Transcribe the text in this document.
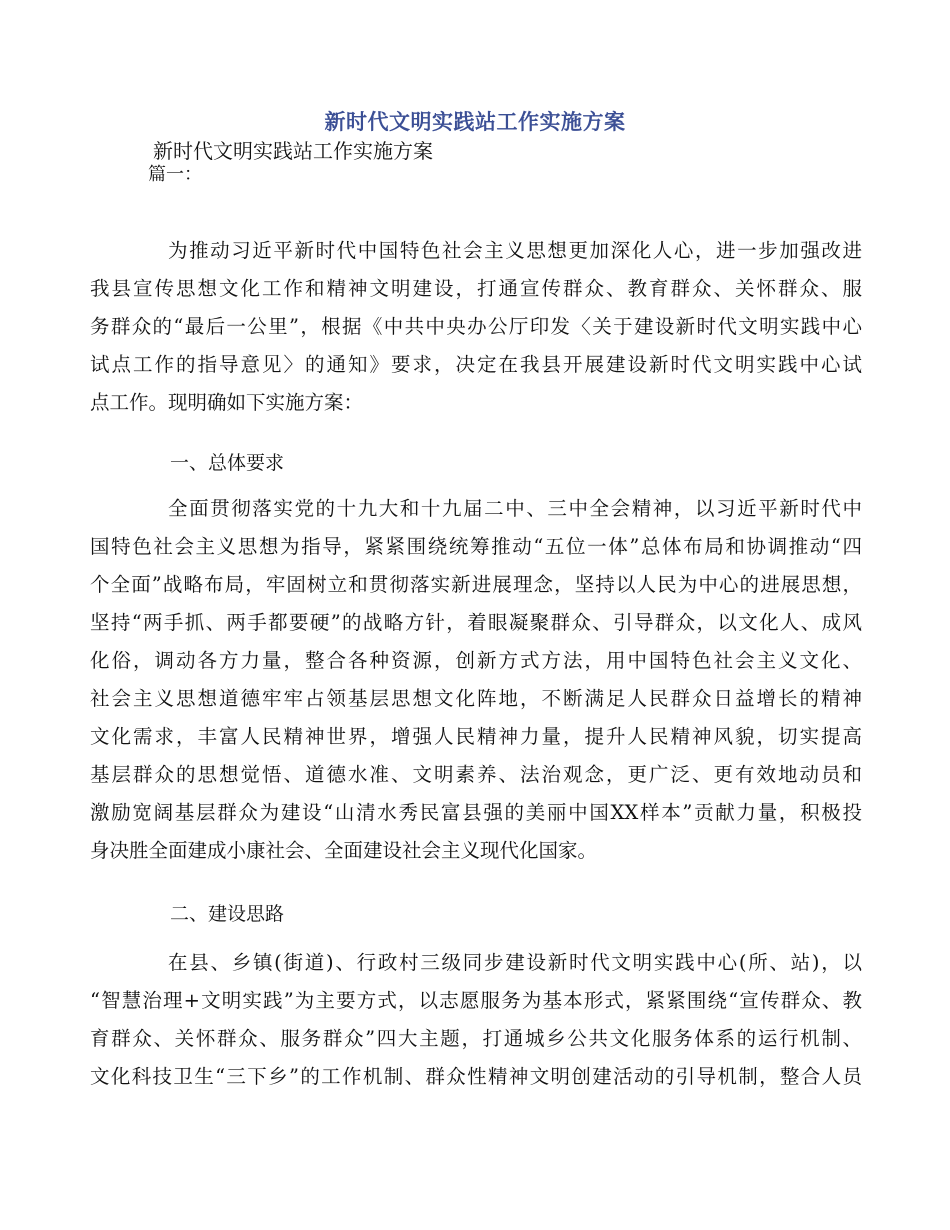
新时代文明实践站工作实施方案
新时代文明实践站工作实施方案
篇一：
为推动习近平新时代中国特色社会主义思想更加深化人心，进一步加强改进
我县宣传思想文化工作和精神文明建设，打通宣传群众、教育群众、关怀群众、服
务群众的“最后一公里”，根据《中共中央办公厅印发〈关于建设新时代文明实践中心
试点工作的指导意见〉的通知》要求，决定在我县开展建设新时代文明实践中心试
点工作。现明确如下实施方案：
一、总体要求
全面贯彻落实党的十九大和十九届二中、三中全会精神，以习近平新时代中
国特色社会主义思想为指导，紧紧围绕统筹推动“五位一体”总体布局和协调推动“四
个全面”战略布局，牢固树立和贯彻落实新进展理念，坚持以人民为中心的进展思想，
坚持“两手抓、两手都要硬”的战略方针，着眼凝聚群众、引导群众，以文化人、成风
化俗，调动各方力量，整合各种资源，创新方式方法，用中国特色社会主义文化、
社会主义思想道德牢牢占领基层思想文化阵地，不断满足人民群众日益增长的精神
文化需求，丰富人民精神世界，增强人民精神力量，提升人民精神风貌，切实提高
基层群众的思想觉悟、道德水准、文明素养、法治观念，更广泛、更有效地动员和
激励宽阔基层群众为建设“山清水秀民富县强的美丽中国XX样本”贡献力量，积极投
身决胜全面建成小康社会、全面建设社会主义现代化国家。
二、建设思路
在县、乡镇(街道)、行政村三级同步建设新时代文明实践中心(所、站)，以
“智慧治理+文明实践”为主要方式，以志愿服务为基本形式，紧紧围绕“宣传群众、教
育群众、关怀群众、服务群众”四大主题，打通城乡公共文化服务体系的运行机制、
文化科技卫生“三下乡”的工作机制、群众性精神文明创建活动的引导机制，整合人员
